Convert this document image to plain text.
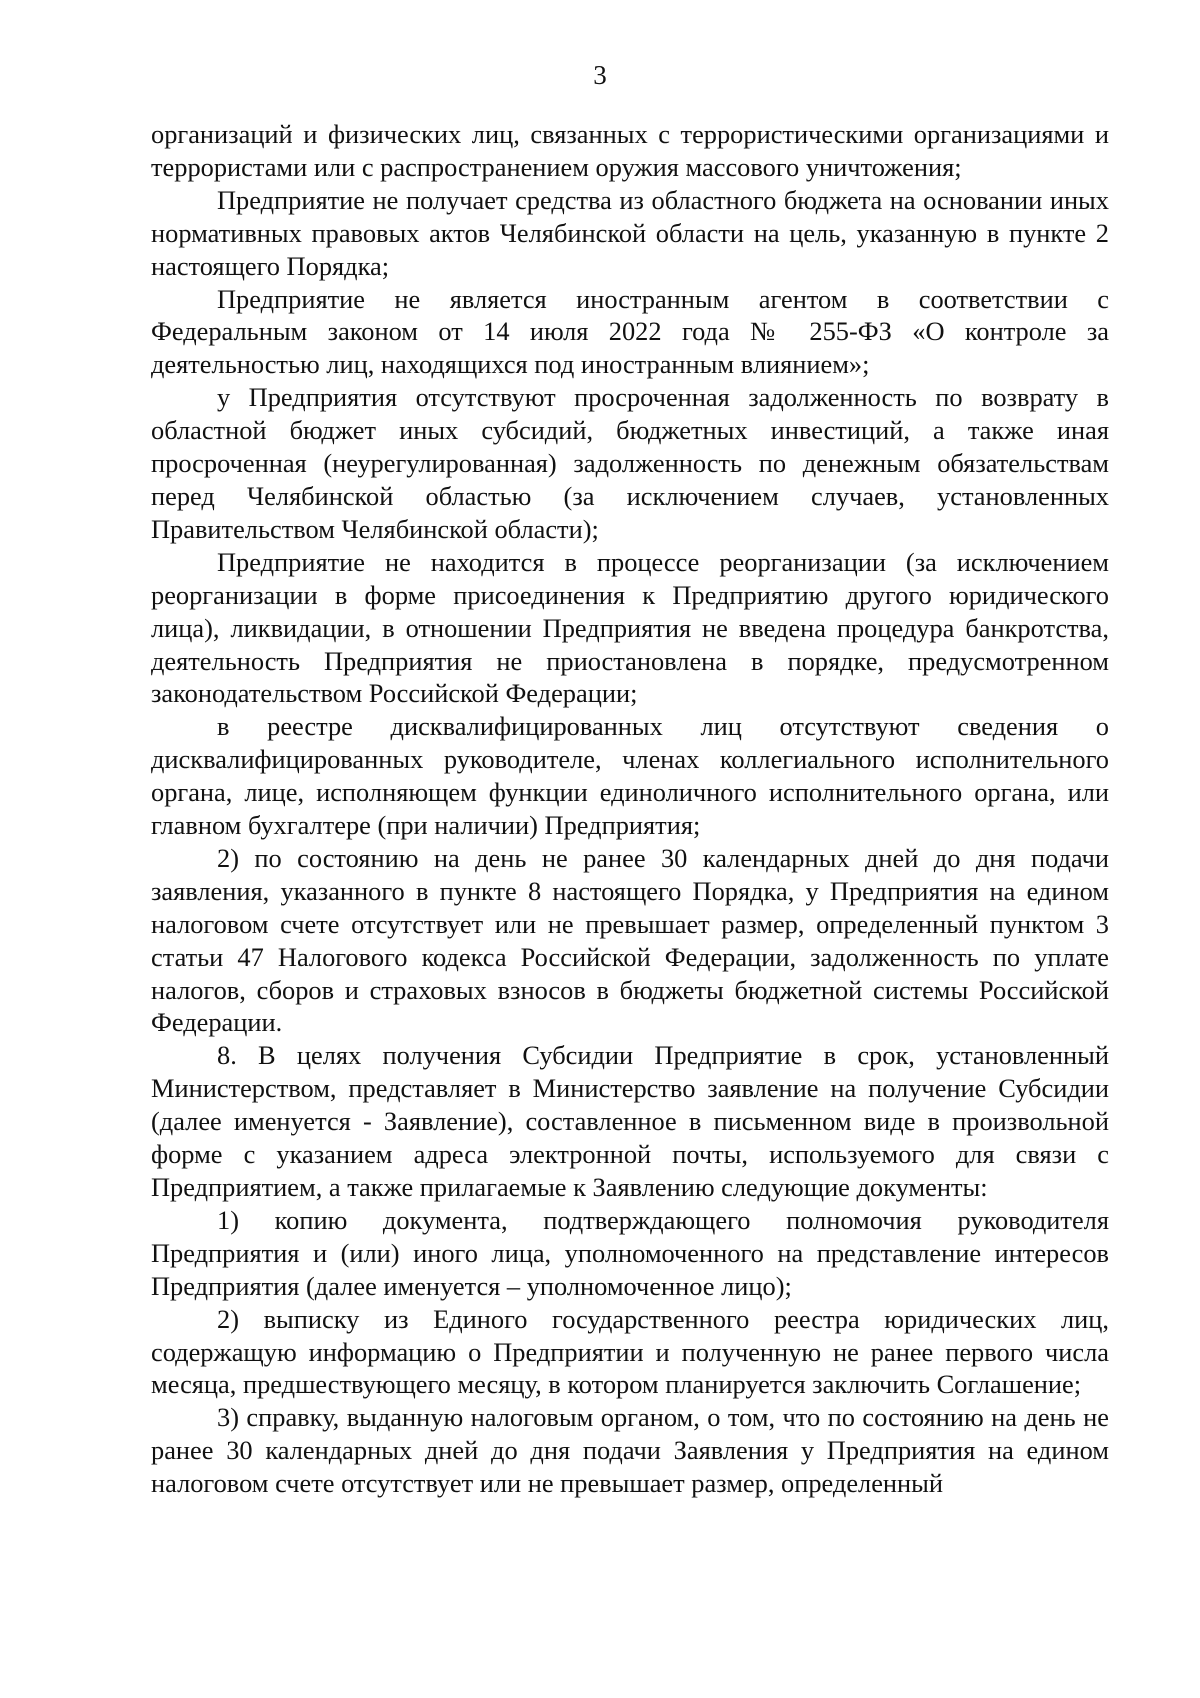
3

организаций и физических лиц, связанных с террористическими организациями и террористами или с распространением оружия массового уничтожения;

Предприятие не получает средства из областного бюджета на основании иных нормативных правовых актов Челябинской области на цель, указанную в пункте 2 настоящего Порядка;

Предприятие не является иностранным агентом в соответствии с Федеральным законом от 14 июля 2022 года № 255-ФЗ «О контроле за деятельностью лиц, находящихся под иностранным влиянием»;

у Предприятия отсутствуют просроченная задолженность по возврату в областной бюджет иных субсидий, бюджетных инвестиций, а также иная просроченная (неурегулированная) задолженность по денежным обязательствам перед Челябинской областью (за исключением случаев, установленных Правительством Челябинской области);

Предприятие не находится в процессе реорганизации (за исключением реорганизации в форме присоединения к Предприятию другого юридического лица), ликвидации, в отношении Предприятия не введена процедура банкротства, деятельность Предприятия не приостановлена в порядке, предусмотренном законодательством Российской Федерации;

в реестре дисквалифицированных лиц отсутствуют сведения о дисквалифицированных руководителе, членах коллегиального исполнительного органа, лице, исполняющем функции единоличного исполнительного органа, или главном бухгалтере (при наличии) Предприятия;

2) по состоянию на день не ранее 30 календарных дней до дня подачи заявления, указанного в пункте 8 настоящего Порядка, у Предприятия на едином налоговом счете отсутствует или не превышает размер, определенный пунктом 3 статьи 47 Налогового кодекса Российской Федерации, задолженность по уплате налогов, сборов и страховых взносов в бюджеты бюджетной системы Российской Федерации.

8. В целях получения Субсидии Предприятие в срок, установленный Министерством, представляет в Министерство заявление на получение Субсидии (далее именуется - Заявление), составленное в письменном виде в произвольной форме с указанием адреса электронной почты, используемого для связи с Предприятием, а также прилагаемые к Заявлению следующие документы:

1) копию документа, подтверждающего полномочия руководителя Предприятия и (или) иного лица, уполномоченного на представление интересов Предприятия (далее именуется – уполномоченное лицо);

2) выписку из Единого государственного реестра юридических лиц, содержащую информацию о Предприятии и полученную не ранее первого числа месяца, предшествующего месяцу, в котором планируется заключить Соглашение;

3) справку, выданную налоговым органом, о том, что по состоянию на день не ранее 30 календарных дней до дня подачи Заявления у Предприятия на едином налоговом счете отсутствует или не превышает размер, определенный
